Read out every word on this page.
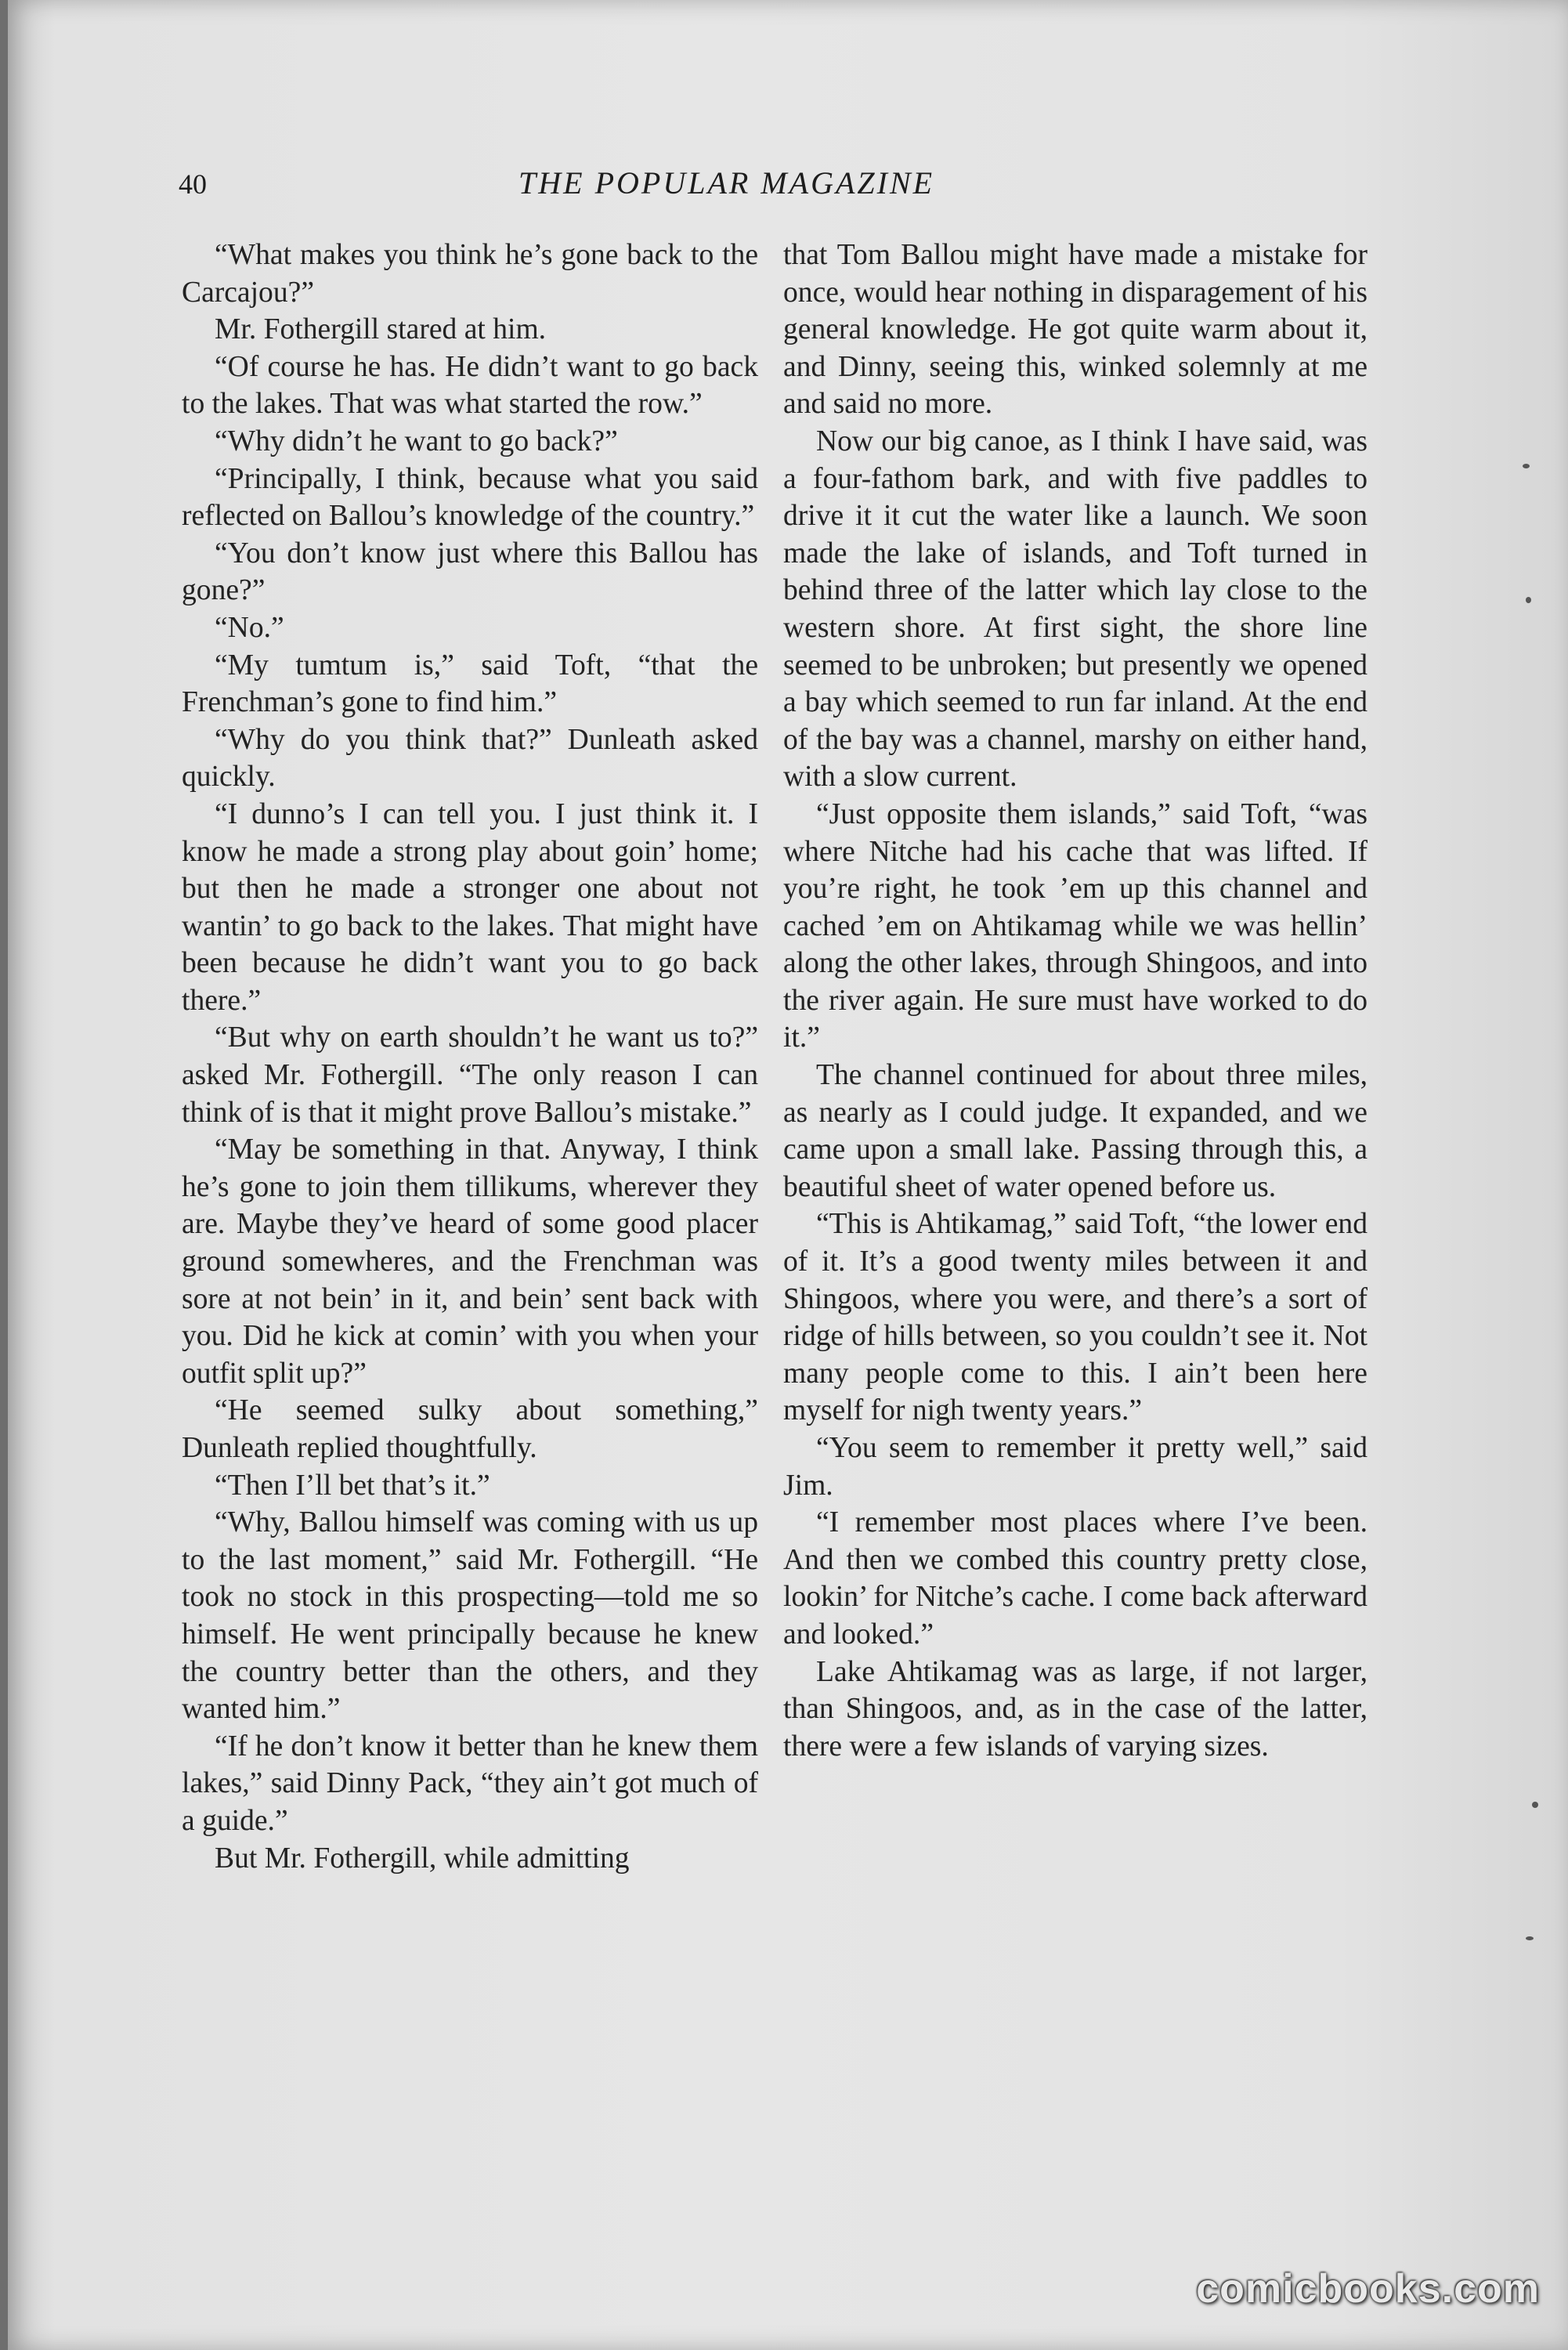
40	THE POPULAR MAGAZINE

“What makes you think he’s gone back to the Carcajou?”

Mr. Fothergill stared at him.

“Of course he has. He didn’t want to go back to the lakes. That was what started the row.”

“Why didn’t he want to go back?”

“Principally, I think, because what you said reflected on Ballou’s knowledge of the country.”

“You don’t know just where this Ballou has gone?”

“No.”

“My tumtum is,” said Toft, “that the Frenchman’s gone to find him.”

“Why do you think that?” Dunleath asked quickly.

“I dunno’s I can tell you. I just think it. I know he made a strong play about goin’ home; but then he made a stronger one about not wantin’ to go back to the lakes. That might have been because he didn’t want you to go back there.”

“But why on earth shouldn’t he want us to?” asked Mr. Fothergill. “The only reason I can think of is that it might prove Ballou’s mistake.”

“May be something in that. Anyway, I think he’s gone to join them tillikums, wherever they are. Maybe they’ve heard of some good placer ground somewheres, and the Frenchman was sore at not bein’ in it, and bein’ sent back with you. Did he kick at comin’ with you when your outfit split up?”

“He seemed sulky about something,” Dunleath replied thoughtfully.

“Then I’ll bet that’s it.”

“Why, Ballou himself was coming with us up to the last moment,” said Mr. Fothergill. “He took no stock in this prospecting—told me so himself. He went principally because he knew the country better than the others, and they wanted him.”

“If he don’t know it better than he knew them lakes,” said Dinny Pack, “they ain’t got much of a guide.”

But Mr. Fothergill, while admitting

that Tom Ballou might have made a mistake for once, would hear nothing in disparagement of his general knowledge. He got quite warm about it, and Dinny, seeing this, winked solemnly at me and said no more.

Now our big canoe, as I think I have said, was a four-fathom bark, and with five paddles to drive it it cut the water like a launch. We soon made the lake of islands, and Toft turned in behind three of the latter which lay close to the western shore. At first sight, the shore line seemed to be unbroken; but presently we opened a bay which seemed to run far inland. At the end of the bay was a channel, marshy on either hand, with a slow current.

“Just opposite them islands,” said Toft, “was where Nitche had his cache that was lifted. If you’re right, he took ’em up this channel and cached ’em on Ahtikamag while we was hellin’ along the other lakes, through Shingoos, and into the river again. He sure must have worked to do it.”

The channel continued for about three miles, as nearly as I could judge. It expanded, and we came upon a small lake. Passing through this, a beautiful sheet of water opened before us.

“This is Ahtikamag,” said Toft, “the lower end of it. It’s a good twenty miles between it and Shingoos, where you were, and there’s a sort of ridge of hills between, so you couldn’t see it. Not many people come to this. I ain’t been here myself for nigh twenty years.”

“You seem to remember it pretty well,” said Jim.

“I remember most places where I’ve been. And then we combed this country pretty close, lookin’ for Nitche’s cache. I come back afterward and looked.”

Lake Ahtikamag was as large, if not larger, than Shingoos, and, as in the case of the latter, there were a few islands of varying sizes.

comicbooks.com
